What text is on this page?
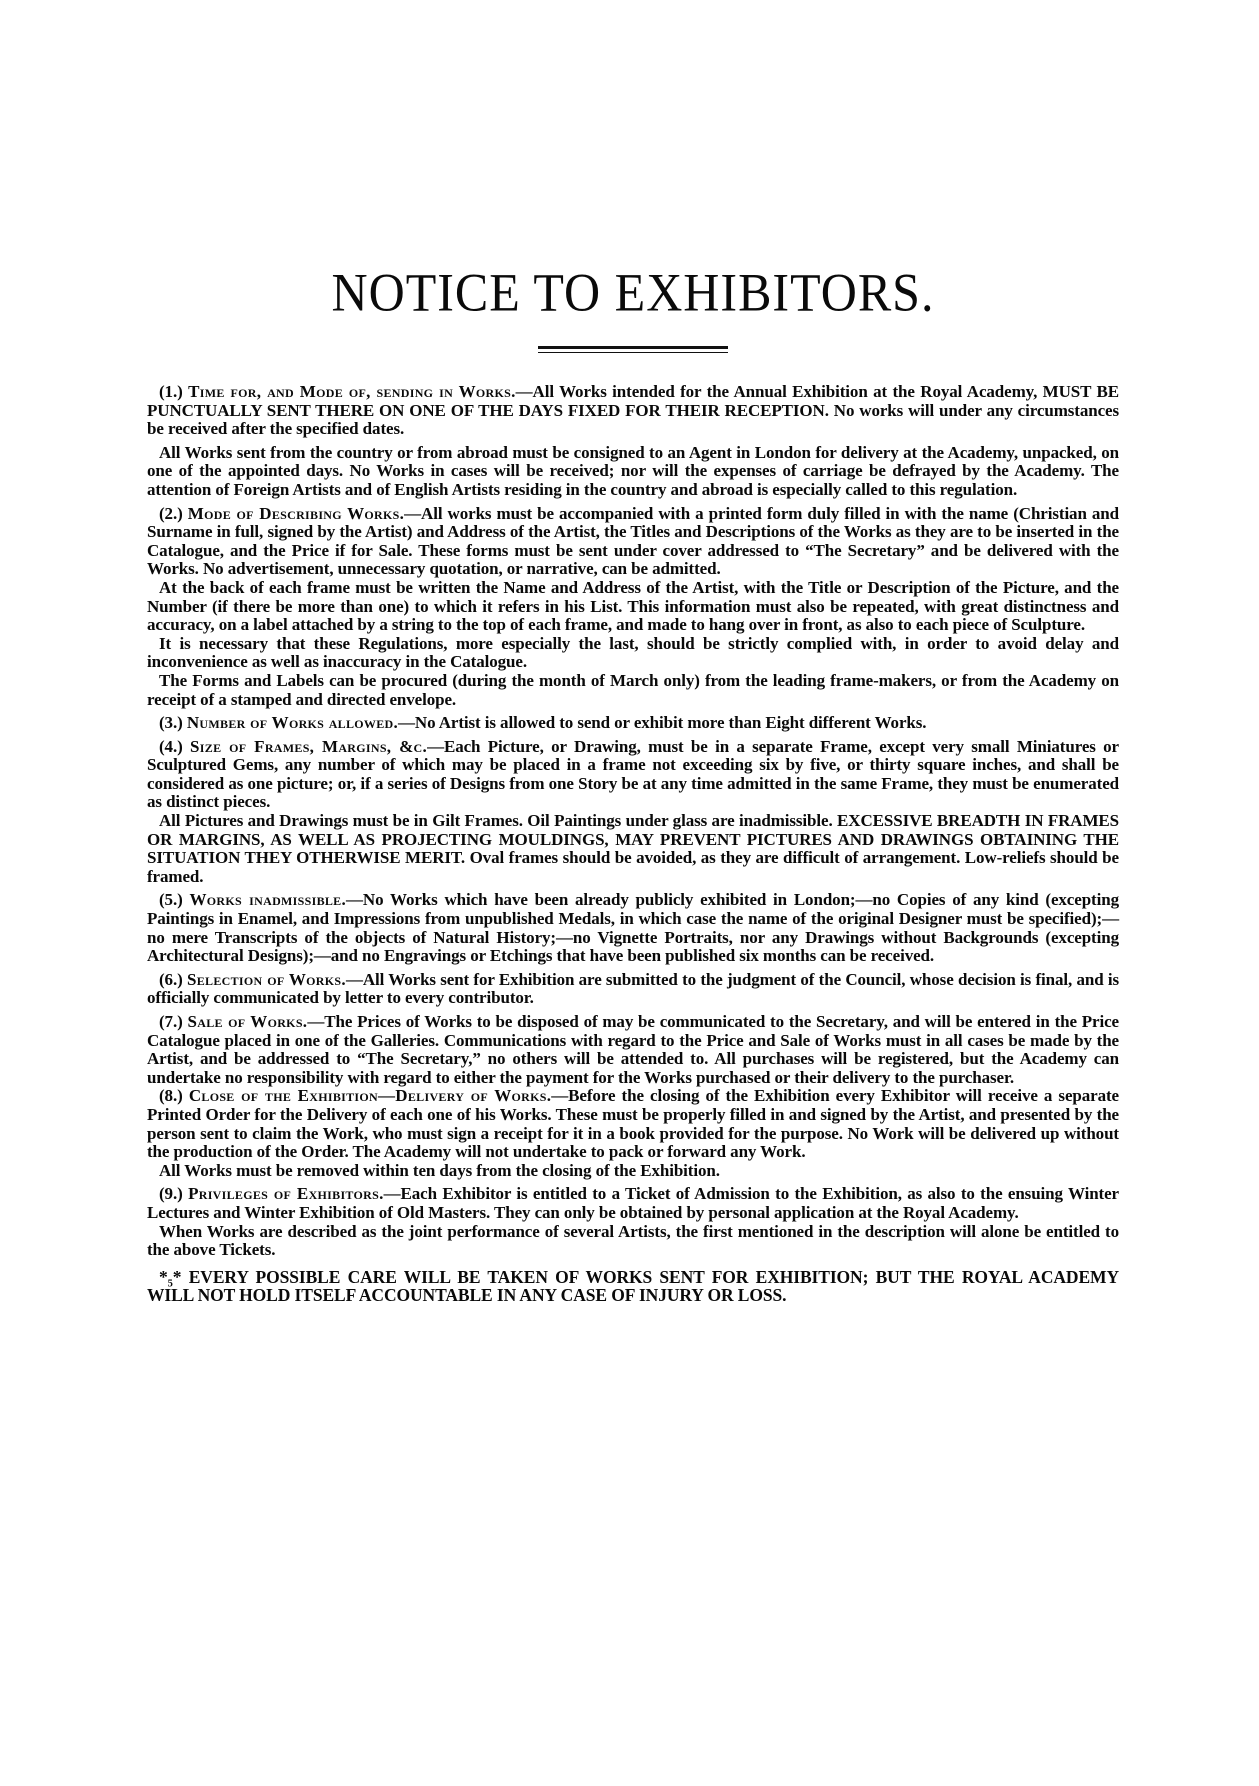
NOTICE TO EXHIBITORS.

(1.) Time for, and Mode of, sending in Works.—All Works intended for the Annual Exhibition at the Royal Academy, MUST BE PUNCTUALLY SENT THERE ON ONE OF THE DAYS FIXED FOR THEIR RECEPTION. No works will under any circumstances be received after the specified dates.

All Works sent from the country or from abroad must be consigned to an Agent in London for delivery at the Academy, unpacked, on one of the appointed days. No Works in cases will be received; nor will the expenses of carriage be defrayed by the Academy. The attention of Foreign Artists and of English Artists residing in the country and abroad is especially called to this regulation.

(2.) Mode of Describing Works.—All works must be accompanied with a printed form duly filled in with the name (Christian and Surname in full, signed by the Artist) and Address of the Artist, the Titles and Descriptions of the Works as they are to be inserted in the Catalogue, and the Price if for Sale. These forms must be sent under cover addressed to “The Secretary” and be delivered with the Works. No advertisement, unnecessary quotation, or narrative, can be admitted.

At the back of each frame must be written the Name and Address of the Artist, with the Title or Description of the Picture, and the Number (if there be more than one) to which it refers in his List. This information must also be repeated, with great distinctness and accuracy, on a label attached by a string to the top of each frame, and made to hang over in front, as also to each piece of Sculpture.

It is necessary that these Regulations, more especially the last, should be strictly complied with, in order to avoid delay and inconvenience as well as inaccuracy in the Catalogue.

The Forms and Labels can be procured (during the month of March only) from the leading frame-makers, or from the Academy on receipt of a stamped and directed envelope.

(3.) Number of Works allowed.—No Artist is allowed to send or exhibit more than Eight different Works.

(4.) Size of Frames, Margins, &c.—Each Picture, or Drawing, must be in a separate Frame, except very small Miniatures or Sculptured Gems, any number of which may be placed in a frame not exceeding six by five, or thirty square inches, and shall be considered as one picture; or, if a series of Designs from one Story be at any time admitted in the same Frame, they must be enumerated as distinct pieces.

All Pictures and Drawings must be in Gilt Frames. Oil Paintings under glass are inadmissible. EXCESSIVE BREADTH IN FRAMES OR MARGINS, AS WELL AS PROJECTING MOULDINGS, MAY PREVENT PICTURES AND DRAWINGS OBTAINING THE SITUATION THEY OTHERWISE MERIT. Oval frames should be avoided, as they are difficult of arrangement. Low-reliefs should be framed.

(5.) Works inadmissible.—No Works which have been already publicly exhibited in London;—no Copies of any kind (excepting Paintings in Enamel, and Impressions from unpublished Medals, in which case the name of the original Designer must be specified);—no mere Transcripts of the objects of Natural History;—no Vignette Portraits, nor any Drawings without Backgrounds (excepting Architectural Designs);—and no Engravings or Etchings that have been published six months can be received.

(6.) Selection of Works.—All Works sent for Exhibition are submitted to the judgment of the Council, whose decision is final, and is officially communicated by letter to every contributor.

(7.) Sale of Works.—The Prices of Works to be disposed of may be communicated to the Secretary, and will be entered in the Price Catalogue placed in one of the Galleries. Communications with regard to the Price and Sale of Works must in all cases be made by the Artist, and be addressed to “The Secretary,” no others will be attended to. All purchases will be registered, but the Academy can undertake no responsibility with regard to either the payment for the Works purchased or their delivery to the purchaser.

(8.) Close of the Exhibition—Delivery of Works.—Before the closing of the Exhibition every Exhibitor will receive a separate Printed Order for the Delivery of each one of his Works. These must be properly filled in and signed by the Artist, and presented by the person sent to claim the Work, who must sign a receipt for it in a book provided for the purpose. No Work will be delivered up without the production of the Order. The Academy will not undertake to pack or forward any Work.

All Works must be removed within ten days from the closing of the Exhibition.

(9.) Privileges of Exhibitors.—Each Exhibitor is entitled to a Ticket of Admission to the Exhibition, as also to the ensuing Winter Lectures and Winter Exhibition of Old Masters. They can only be obtained by personal application at the Royal Academy.

When Works are described as the joint performance of several Artists, the first mentioned in the description will alone be entitled to the above Tickets.

*₅* EVERY POSSIBLE CARE WILL BE TAKEN OF WORKS SENT FOR EXHIBITION; BUT THE ROYAL ACADEMY WILL NOT HOLD ITSELF ACCOUNTABLE IN ANY CASE OF INJURY OR LOSS.
